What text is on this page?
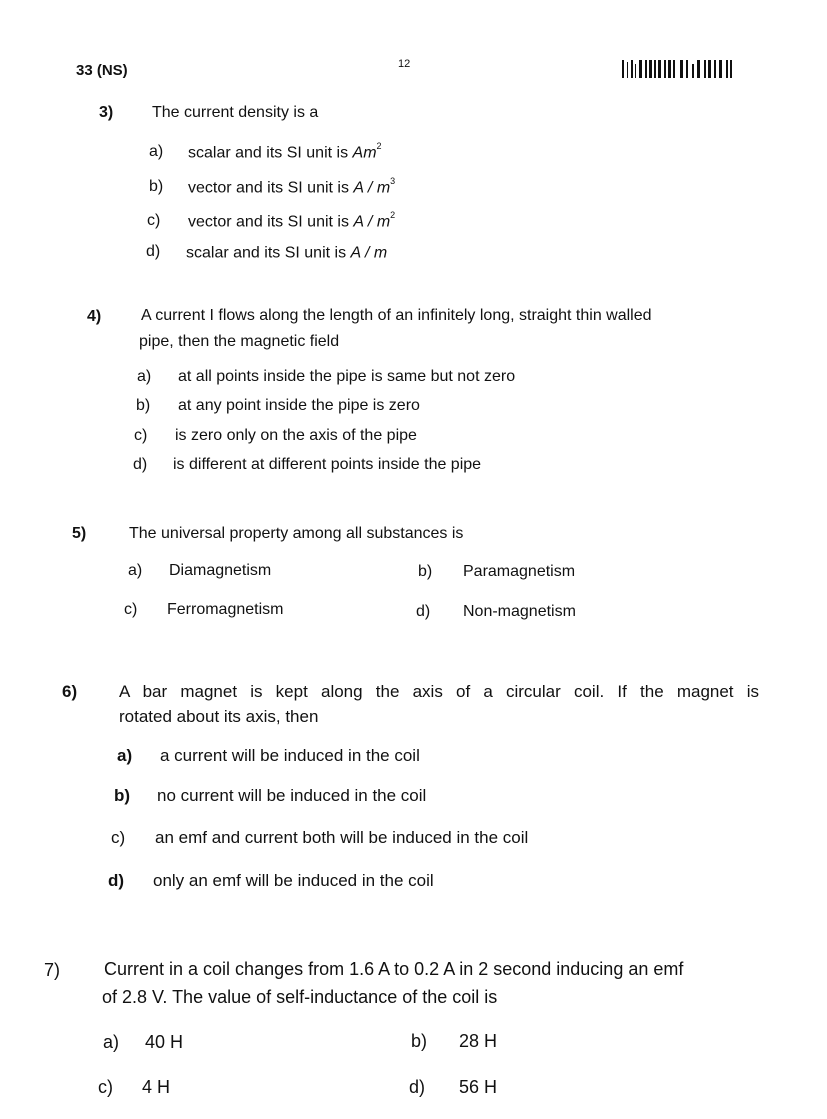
33 (NS)	12
3) The current density is a
a) scalar and its SI unit is Am$^2$
b) vector and its SI unit is A / $m^3$
c) vector and its SI unit is A / $m^2$
d) scalar and its SI unit is A / m
4) A current I flows along the length of an infinitely long, straight thin walled
pipe, then the magnetic field
a) at all points inside the pipe is same but not zero
b) at any point inside the pipe is zero
c) is zero only on the axis of the pipe
d) is different at different points inside the pipe
5)	The universal property among all substances is
a) Diamagnetism	b) Paramagnetism
c) Ferromagnetism	d) Non-magnetism
6) A bar magnet is kept along the axis of a circular coil. If the magnet is
rotated about its axis, then
a) a current will be induced in the coil
b) no current will be induced in the coil
c) an emf and current both will be induced in the coil
d) only an emf will be induced in the coil
7) Current in a coil changes from 1.6 A to 0.2 A in 2 second inducing an emf
of 2.8 V. The value of self-inductance of the coil is
a) 40 H	b) 28 H
c) 4 H	d) 56 H
